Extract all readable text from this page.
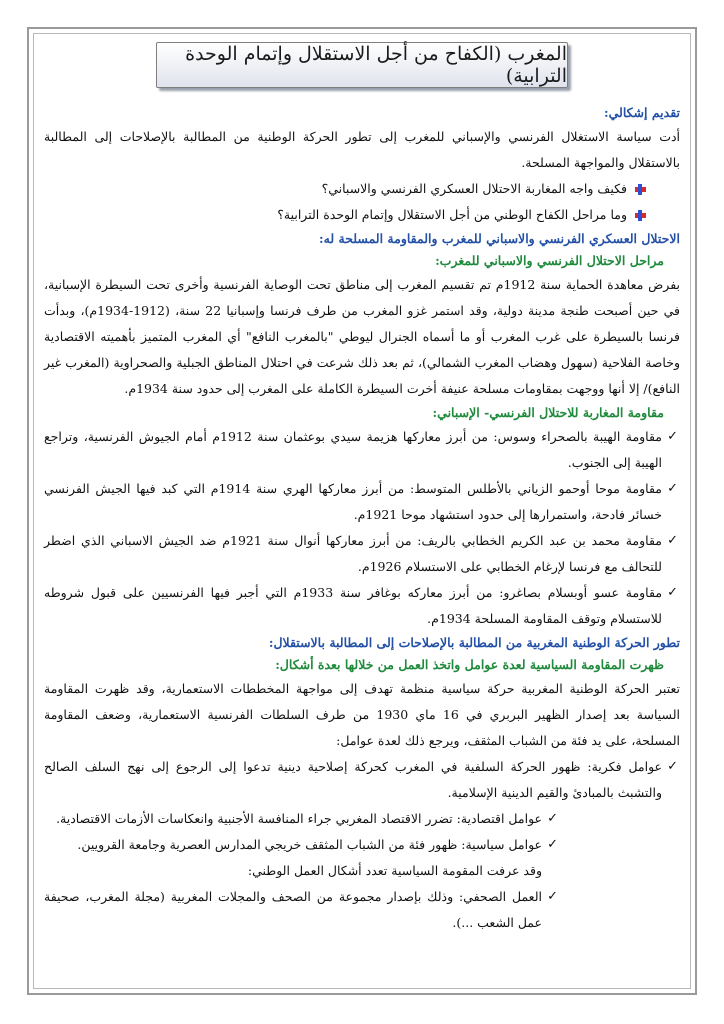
المغرب (الكفاح من أجل الاستقلال وإتمام الوحدة الترابية)

تقديم إشكالي:

أدت سياسة الاستغلال الفرنسي والإسباني للمغرب إلى تطور الحركة الوطنية من المطالبة بالإصلاحات إلى المطالبة بالاستقلال والمواجهة المسلحة.

فكيف واجه المغاربة الاحتلال العسكري الفرنسي والاسباني؟
وما مراحل الكفاح الوطني من أجل الاستقلال وإتمام الوحدة الترابية؟

الاحتلال العسكري الفرنسي والاسباني للمغرب والمقاومة المسلحة له:

مراحل الاحتلال الفرنسي والاسباني للمغرب:

بفرض معاهدة الحماية سنة 1912م تم تقسيم المغرب إلى مناطق تحت الوصاية الفرنسية وأخرى تحت السيطرة الإسبانية، في حين أصبحت طنجة مدينة دولية، وقد استمر غزو المغرب من طرف فرنسا وإسبانيا 22 سنة، (1912-1934م)، وبدأت فرنسا بالسيطرة على غرب المغرب أو ما أسماه الجنرال ليوطي "بالمغرب النافع" أي المغرب المتميز بأهميته الاقتصادية وخاصة الفلاحية (سهول وهضاب المغرب الشمالي)، ثم بعد ذلك شرعت في احتلال المناطق الجبلية والصحراوية (المغرب غير النافع)/ إلا أنها ووجهت بمقاومات مسلحة عنيفة أخرت السيطرة الكاملة على المغرب إلى حدود سنة 1934م.

مقاومة المغاربة للاحتلال الفرنسي- الإسباني:

✓
مقاومة الهيبة بالصحراء وسوس: من أبرز معاركها هزيمة سيدي بوعثمان سنة 1912م أمام الجيوش الفرنسية، وتراجع الهيبة إلى الجنوب.
✓
مقاومة موحا أوحمو الزياني بالأطلس المتوسط: من أبرز معاركها الهري سنة 1914م التي كبد فيها الجيش الفرنسي خسائر فادحة، واستمرارها إلى حدود استشهاد موحا 1921م.
✓
مقاومة محمد بن عبد الكريم الخطابي بالريف: من أبرز معاركها أنوال سنة 1921م ضد الجيش الاسباني الذي اضطر للتحالف مع فرنسا لإرغام الخطابي على الاستسلام 1926م.
✓
مقاومة عسو أوبسلام بصاغرو: من أبرز معاركه بوغافر سنة 1933م التي أجبر فيها الفرنسيين على قبول شروطه للاستسلام وتوقف المقاومة المسلحة 1934م.

تطور الحركة الوطنية المغربية من المطالبة بالإصلاحات إلى المطالبة بالاستقلال:

ظهرت المقاومة السياسية لعدة عوامل واتخذ العمل من خلالها بعدة أشكال:

تعتبر الحركة الوطنية المغربية حركة سياسية منظمة تهدف إلى مواجهة المخططات الاستعمارية، وقد ظهرت المقاومة السياسة بعد إصدار الظهير البربري في 16 ماي 1930 من طرف السلطات الفرنسية الاستعمارية، وضعف المقاومة المسلحة، على يد فئة من الشباب المثقف، ويرجع ذلك لعدة عوامل:

✓
عوامل فكرية: ظهور الحركة السلفية في المغرب كحركة إصلاحية دينية تدعوا إلى الرجوع إلى نهج السلف الصالح والتشبث بالمبادئ والقيم الدينية الإسلامية.
✓
عوامل اقتصادية: تضرر الاقتصاد المغربي جراء المنافسة الأجنبية وانعكاسات الأزمات الاقتصادية.
✓
عوامل سياسية: ظهور فئة من الشباب المثقف خريجي المدارس العصرية وجامعة القرويين.
وقد عرفت المقومة السياسية تعدد أشكال العمل الوطني:
✓
العمل الصحفي: وذلك بإصدار مجموعة من الصحف والمجلات المغربية (مجلة المغرب، صحيفة عمل الشعب ...).
